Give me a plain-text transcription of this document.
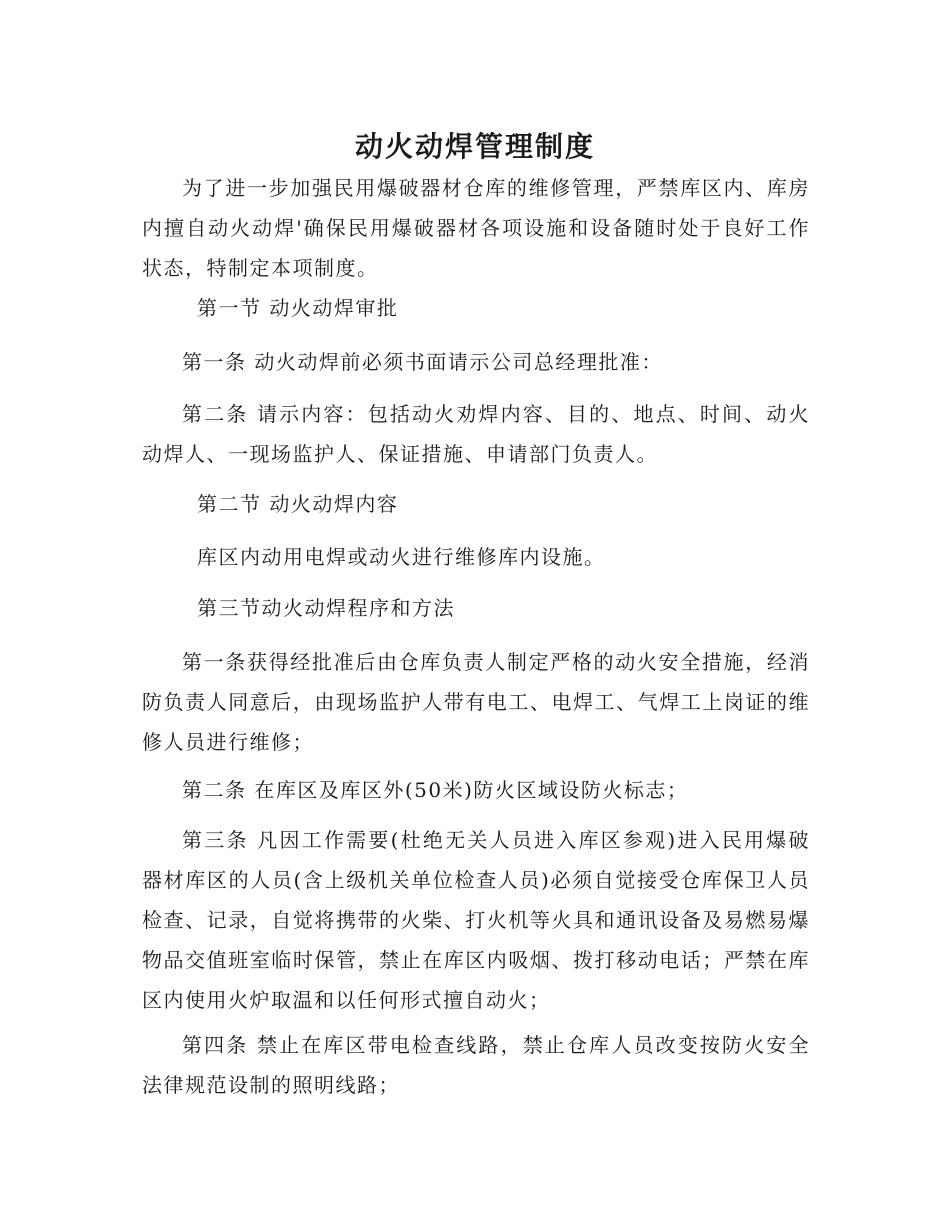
动火动焊管理制度

为了进一步加强民用爆破器材仓库的维修管理，严禁库区内、库房内擅自动火动焊'确保民用爆破器材各项设施和设备随时处于良好工作状态，特制定本项制度。

第一节 动火动焊审批

第一条 动火动焊前必须书面请示公司总经理批准：

第二条 请示内容：包括动火劝焊内容、目的、地点、时间、动火动焊人、一现场监护人、保证措施、申请部门负责人。

第二节 动火动焊内容

库区内动用电焊或动火进行维修库内设施。

第三节动火动焊程序和方法

第一条获得经批准后由仓库负责人制定严格的动火安全措施，经消防负责人同意后，由现场监护人带有电工、电焊工、气焊工上岗证的维修人员进行维修；

第二条 在库区及库区外(50米)防火区域设防火标志；

第三条 凡因工作需要(杜绝无关人员进入库区参观)进入民用爆破器材库区的人员(含上级机关单位检查人员)必须自觉接受仓库保卫人员检查、记录，自觉将携带的火柴、打火机等火具和通讯设备及易燃易爆物品交值班室临时保管，禁止在库区内吸烟、拨打移动电话；严禁在库区内使用火炉取温和以任何形式擅自动火；

第四条 禁止在库区带电检查线路，禁止仓库人员改变按防火安全法律规范设制的照明线路；
